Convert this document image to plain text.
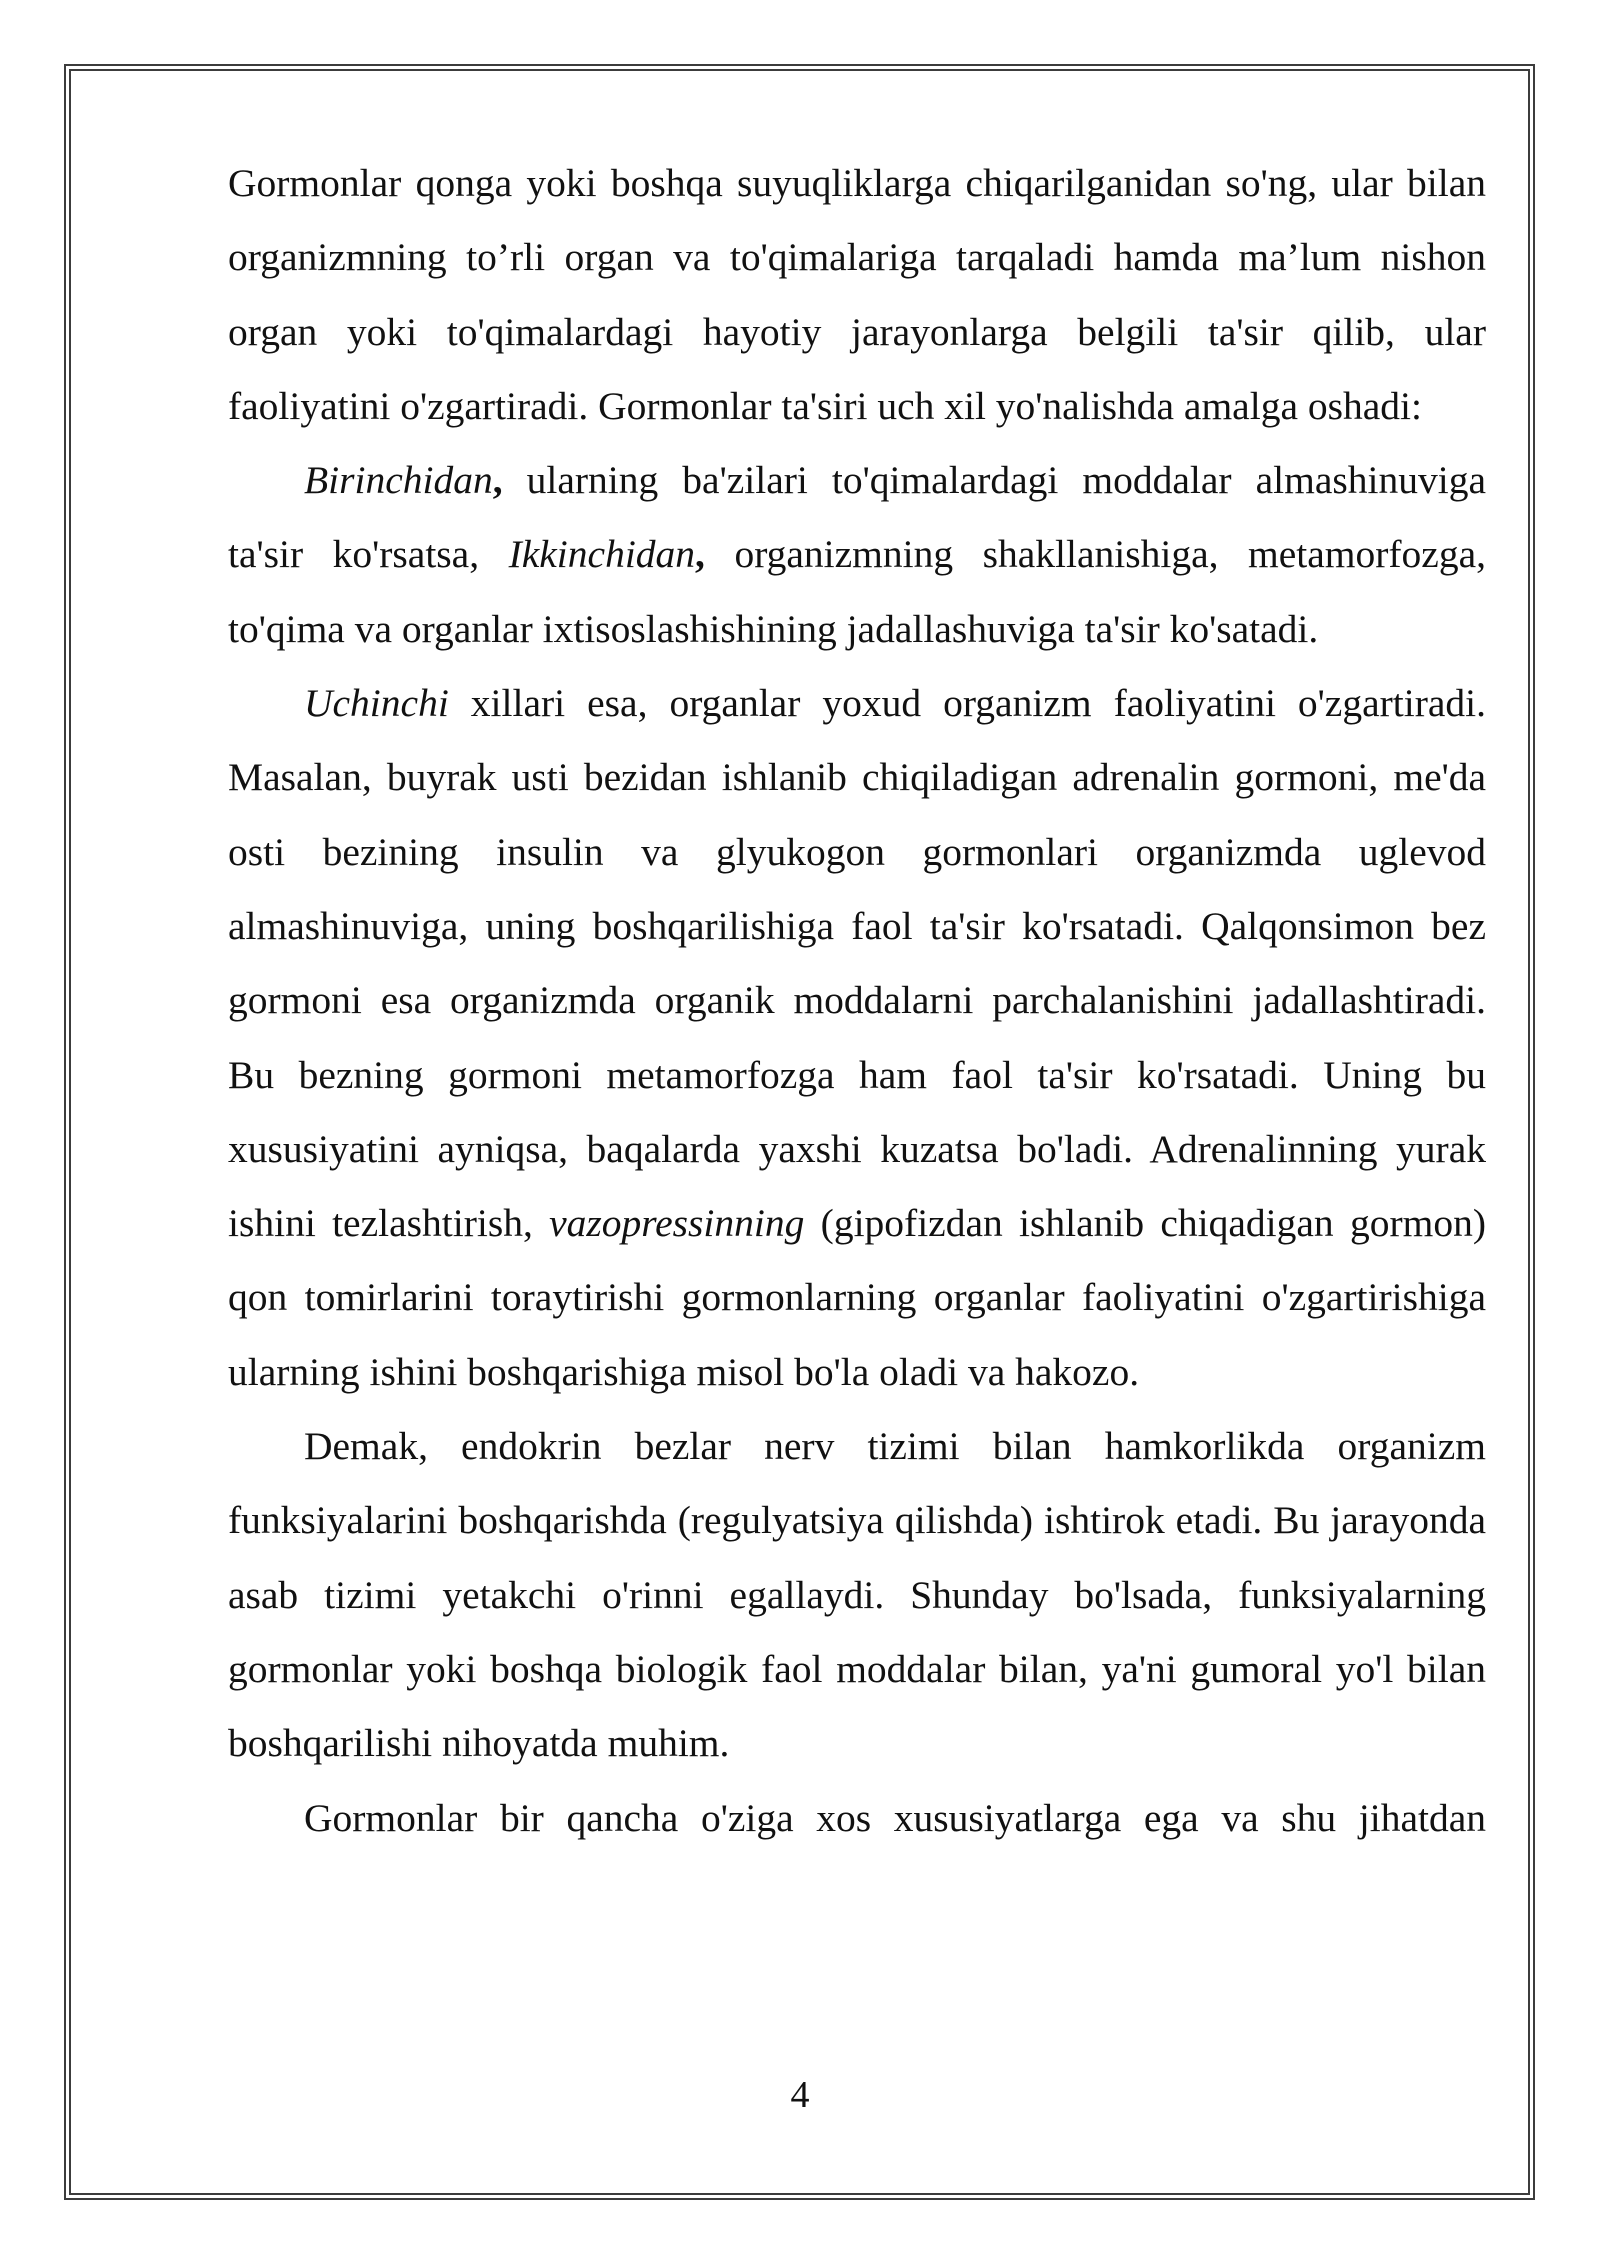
Gormonlar qonga yoki boshqa suyuqliklarga chiqarilganidan so'ng, ular bilan organizmning to’rli organ va to'qimalariga tarqaladi hamda ma’lum nishon organ yoki to'qimalardagi hayotiy jarayonlarga belgili ta'sir qilib, ular faoliyatini o'zgartiradi. Gormonlar ta'siri uch xil yo'nalishda amalga oshadi:

Birinchidan, ularning ba'zilari to'qimalardagi moddalar almashinuviga ta'sir ko'rsatsa, Ikkinchidan, organizmning shakllanishiga, metamorfozga, to'qima va organlar ixtisoslashishining jadallashuviga ta'sir ko'satadi.

Uchinchi xillari esa, organlar yoxud organizm faoliyatini o'zgartiradi. Masalan, buyrak usti bezidan ishlanib chiqiladigan adrenalin gormoni, me'da osti bezining insulin va glyukogon gormonlari organizmda uglevod almashinuviga, uning boshqarilishiga faol ta'sir ko'rsatadi. Qalqonsimon bez gormoni esa organizmda organik moddalarni parchalanishini jadallashtiradi. Bu bezning gormoni metamorfozga ham faol ta'sir ko'rsatadi. Uning bu xususiyatini ayniqsa, baqalarda yaxshi kuzatsa bo'ladi. Adrenalinning yurak ishini tezlashtirish, vazopressinning (gipofizdan ishlanib chiqadigan gormon) qon tomirlarini toraytirishi gormonlarning organlar faoliyatini o'zgartirishiga ularning ishini boshqarishiga misol bo'la oladi va hakozo.

Demak, endokrin bezlar nerv tizimi bilan hamkorlikda organizm funksiyalarini boshqarishda (regulyatsiya qilishda) ishtirok etadi. Bu jarayonda asab tizimi yetakchi o'rinni egallaydi. Shunday bo'lsada, funksiyalarning gormonlar yoki boshqa biologik faol moddalar bilan, ya'ni gumoral yo'l bilan boshqarilishi nihoyatda muhim.

Gormonlar bir qancha o'ziga xos xususiyatlarga ega va shu jihatdan

4
